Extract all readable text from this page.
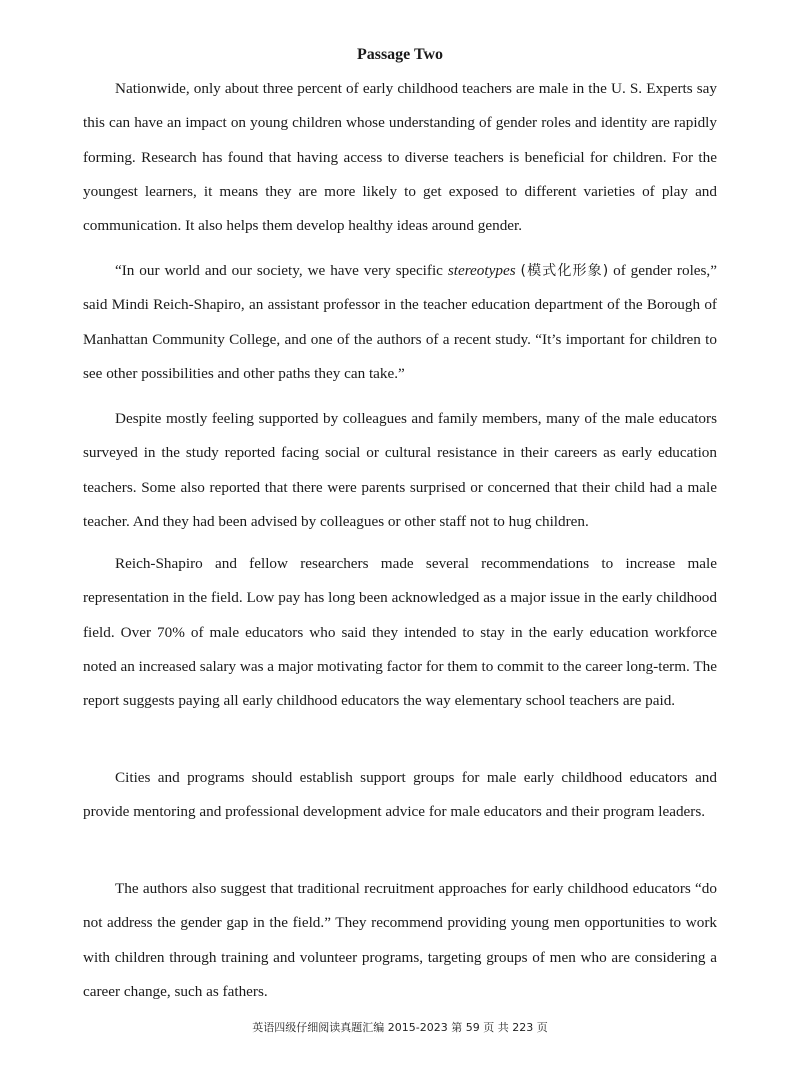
Passage Two

Nationwide, only about three percent of early childhood teachers are male in the U. S. Experts say this can have an impact on young children whose understanding of gender roles and identity are rapidly forming. Research has found that having access to diverse teachers is beneficial for children. For the youngest learners, it means they are more likely to get exposed to different varieties of play and communication. It also helps them develop healthy ideas around gender.

“In our world and our society, we have very specific stereotypes (模式化形象) of gender roles,” said Mindi Reich-Shapiro, an assistant professor in the teacher education department of the Borough of Manhattan Community College, and one of the authors of a recent study. “It’s important for children to see other possibilities and other paths they can take.”

Despite mostly feeling supported by colleagues and family members, many of the male educators surveyed in the study reported facing social or cultural resistance in their careers as early education teachers. Some also reported that there were parents surprised or concerned that their child had a male teacher. And they had been advised by colleagues or other staff not to hug children.

Reich-Shapiro and fellow researchers made several recommendations to increase male representation in the field. Low pay has long been acknowledged as a major issue in the early childhood field. Over 70% of male educators who said they intended to stay in the early education workforce noted an increased salary was a major motivating factor for them to commit to the career long-term. The report suggests paying all early childhood educators the way elementary school teachers are paid.

Cities and programs should establish support groups for male early childhood educators and provide mentoring and professional development advice for male educators and their program leaders.

The authors also suggest that traditional recruitment approaches for early childhood educators “do not address the gender gap in the field.” They recommend providing young men opportunities to work with children through training and volunteer programs, targeting groups of men who are considering a career change, such as fathers.

英语四级仔细阅读真题汇编 2015-2023 第 59 页 共 223 页
